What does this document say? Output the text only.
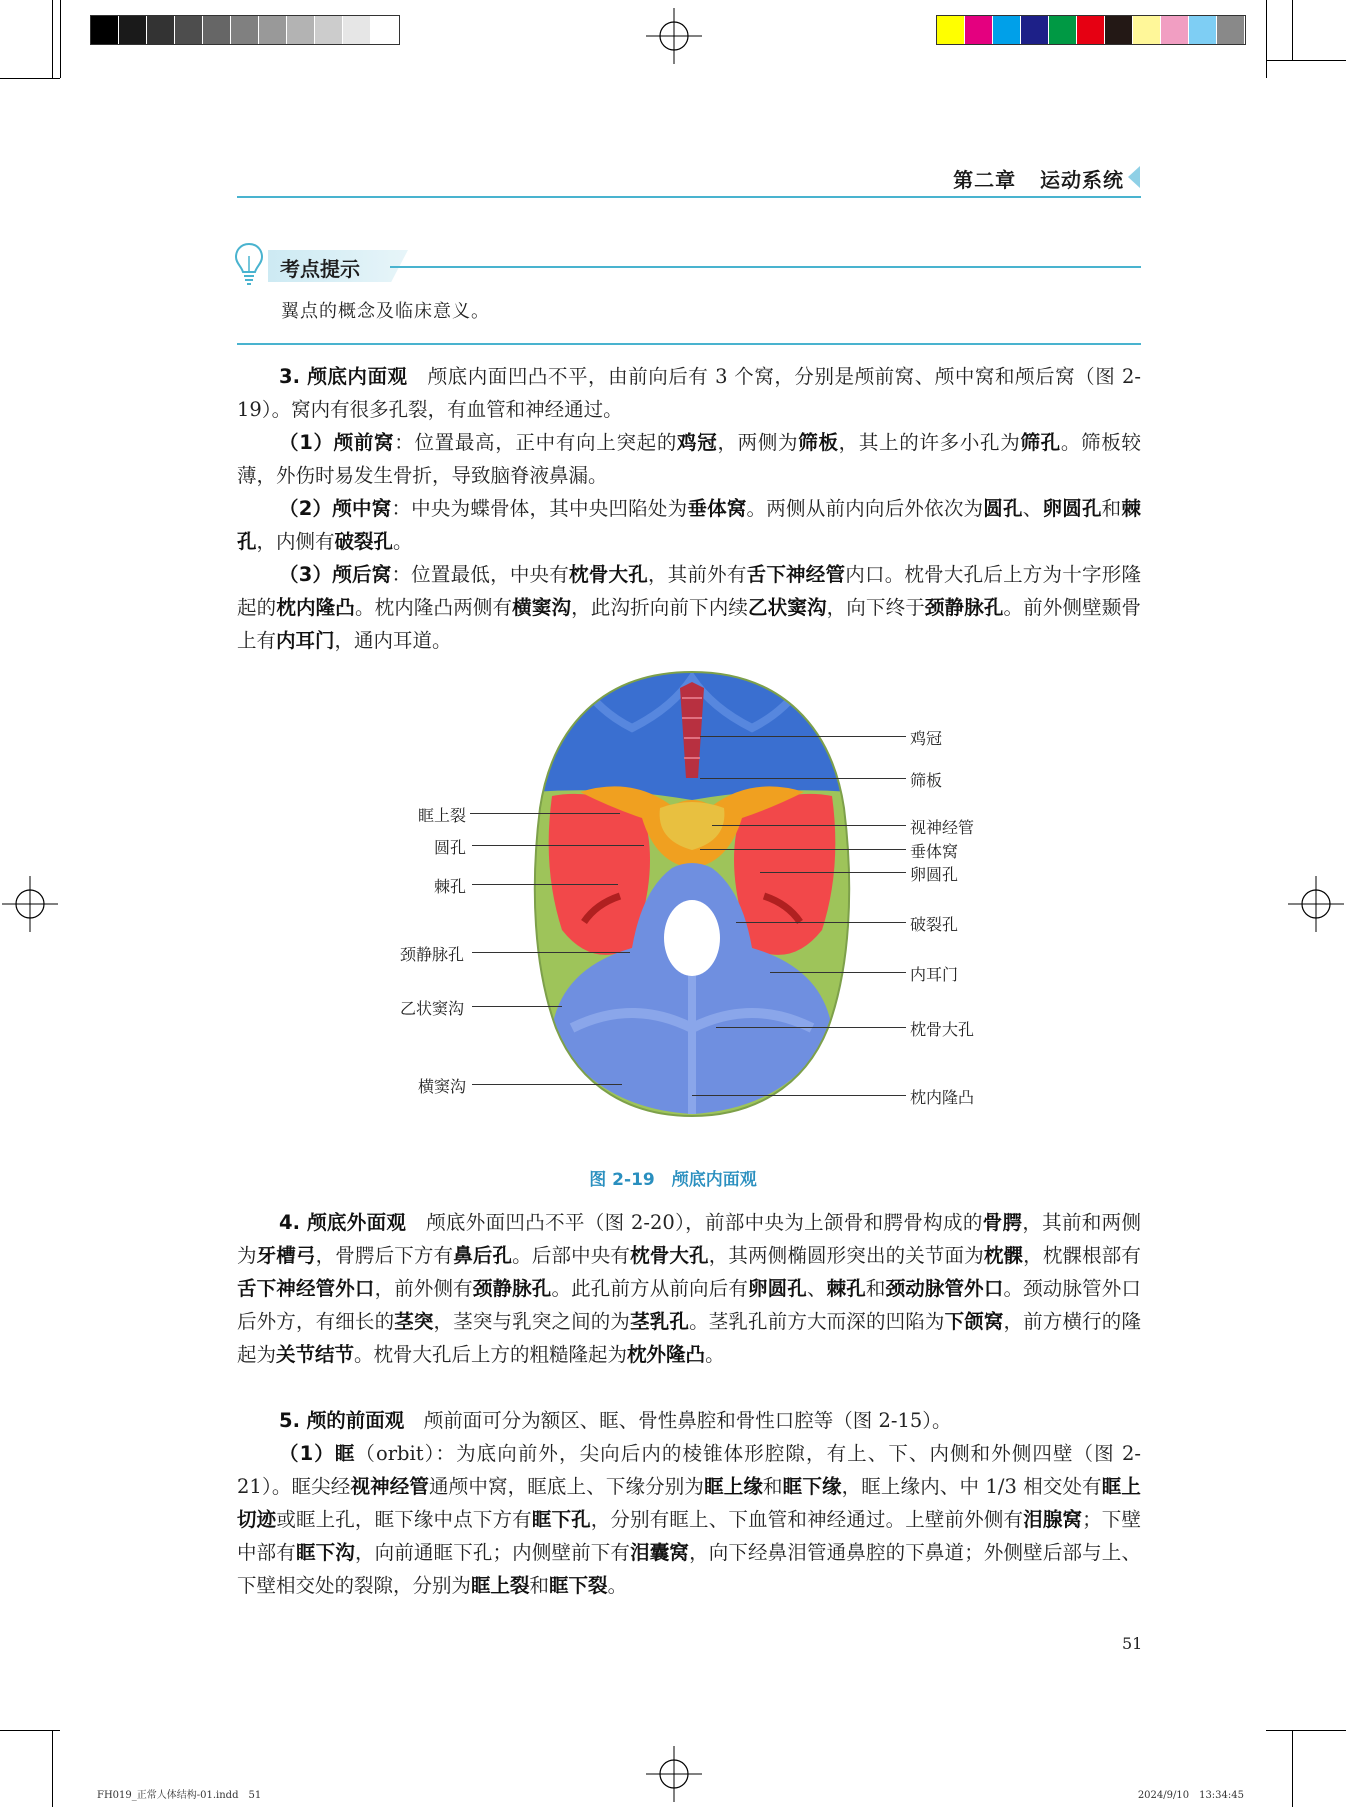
第二章 运动系统
考点提示
翼点的概念及临床意义。
3. 颅底内面观　颅底内面凹凸不平，由前向后有 3 个窝，分别是颅前窝、颅中窝和颅后窝（图 2-19）。窝内有很多孔裂，有血管和神经通过。
（1）颅前窝：位置最高，正中有向上突起的鸡冠，两侧为筛板，其上的许多小孔为筛孔。筛板较薄，外伤时易发生骨折，导致脑脊液鼻漏。
（2）颅中窝：中央为蝶骨体，其中央凹陷处为垂体窝。两侧从前内向后外依次为圆孔、卵圆孔和棘孔，内侧有破裂孔。
（3）颅后窝：位置最低，中央有枕骨大孔，其前外有舌下神经管内口。枕骨大孔后上方为十字形隆起的枕内隆凸。枕内隆凸两侧有横窦沟，此沟折向前下内续乙状窦沟，向下终于颈静脉孔。前外侧壁颞骨上有内耳门，通内耳道。
眶上裂
圆孔
棘孔
颈静脉孔
乙状窦沟
横窦沟
鸡冠
筛板
视神经管
垂体窝
卵圆孔
破裂孔
内耳门
枕骨大孔
枕内隆凸
图 2-19　颅底内面观
4. 颅底外面观　颅底外面凹凸不平（图 2-20），前部中央为上颌骨和腭骨构成的骨腭，其前和两侧为牙槽弓，骨腭后下方有鼻后孔。后部中央有枕骨大孔，其两侧椭圆形突出的关节面为枕髁，枕髁根部有舌下神经管外口，前外侧有颈静脉孔。此孔前方从前向后有卵圆孔、棘孔和颈动脉管外口。颈动脉管外口后外方，有细长的茎突，茎突与乳突之间的为茎乳孔。茎乳孔前方大而深的凹陷为下颌窝，前方横行的隆起为关节结节。枕骨大孔后上方的粗糙隆起为枕外隆凸。
5. 颅的前面观　颅前面可分为额区、眶、骨性鼻腔和骨性口腔等（图 2-15）。
（1）眶（orbit）：为底向前外，尖向后内的棱锥体形腔隙，有上、下、内侧和外侧四壁（图 2-21）。眶尖经视神经管通颅中窝，眶底上、下缘分别为眶上缘和眶下缘，眶上缘内、中 1/3 相交处有眶上切迹或眶上孔，眶下缘中点下方有眶下孔，分别有眶上、下血管和神经通过。上壁前外侧有泪腺窝；下壁中部有眶下沟，向前通眶下孔；内侧壁前下有泪囊窝，向下经鼻泪管通鼻腔的下鼻道；外侧壁后部与上、下壁相交处的裂隙，分别为眶上裂和眶下裂。
51
FH019_正常人体结构-01.indd　51	2024/9/10　13:34:45
